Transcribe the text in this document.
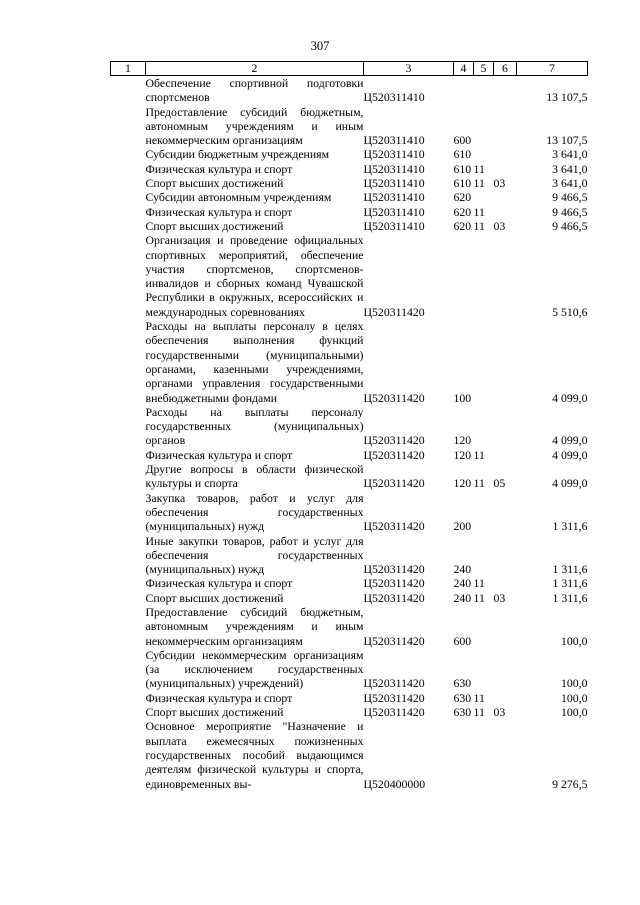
307
1	2	3	4	5	6	7
	Обеспечение спортивной подготовки спортсменов	Ц520311410				13 107,5
	Предоставление субсидий бюджетным, автономным учреждениям и иным некоммерческим организациям	Ц520311410	600			13 107,5
	Субсидии бюджетным учреждениям	Ц520311410	610			3 641,0
	Физическая культура и спорт	Ц520311410	610	11		3 641,0
	Спорт высших достижений	Ц520311410	610	11	03	3 641,0
	Субсидии автономным учреждениям	Ц520311410	620			9 466,5
	Физическая культура и спорт	Ц520311410	620	11		9 466,5
	Спорт высших достижений	Ц520311410	620	11	03	9 466,5
	Организация и проведение официальных спортивных мероприятий, обеспечение участия спортсменов, спортсменов-инвалидов и сборных команд Чувашской Республики в окружных, всероссийских и международных соревнованиях	Ц520311420				5 510,6
	Расходы на выплаты персоналу в целях обеспечения выполнения функций государственными (муниципальными) органами, казенными учреждениями, органами управления государственными внебюджетными фондами	Ц520311420	100			4 099,0
	Расходы на выплаты персоналу государственных (муниципальных) органов	Ц520311420	120			4 099,0
	Физическая культура и спорт	Ц520311420	120	11		4 099,0
	Другие вопросы в области физической культуры и спорта	Ц520311420	120	11	05	4 099,0
	Закупка товаров, работ и услуг для обеспечения государственных (муниципальных) нужд	Ц520311420	200			1 311,6
	Иные закупки товаров, работ и услуг для обеспечения государственных (муниципальных) нужд	Ц520311420	240			1 311,6
	Физическая культура и спорт	Ц520311420	240	11		1 311,6
	Спорт высших достижений	Ц520311420	240	11	03	1 311,6
	Предоставление субсидий бюджетным, автономным учреждениям и иным некоммерческим организациям	Ц520311420	600			100,0
	Субсидии некоммерческим организациям (за исключением государственных (муниципальных) учреждений)	Ц520311420	630			100,0
	Физическая культура и спорт	Ц520311420	630	11		100,0
	Спорт высших достижений	Ц520311420	630	11	03	100,0
	Основное мероприятие "Назначение и выплата ежемесячных пожизненных государственных пособий выдающимся деятелям физической культуры и спорта, единовременных вы-	Ц520400000				9 276,5
